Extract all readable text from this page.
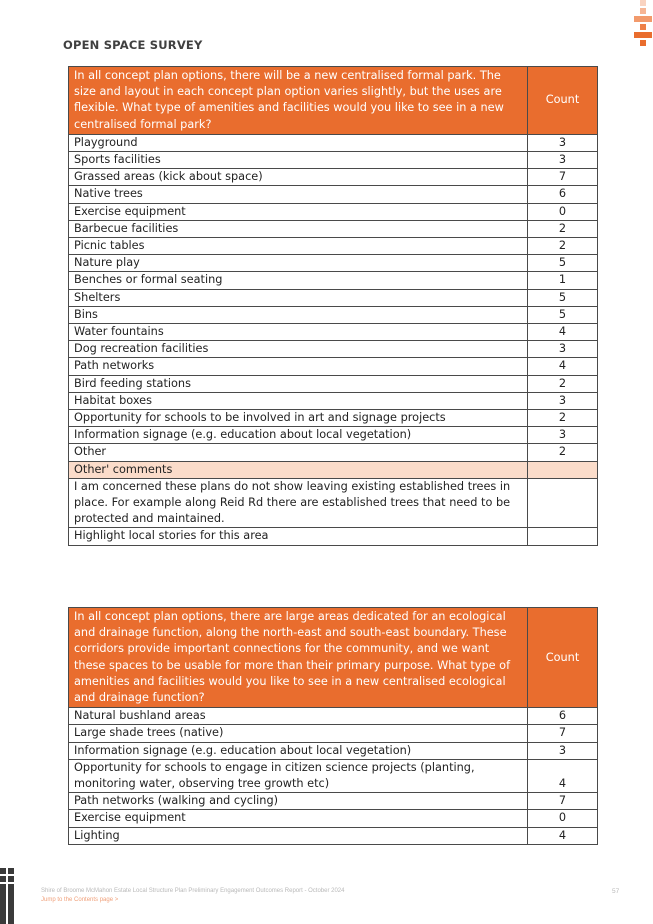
OPEN SPACE SURVEY
In all concept plan options, there will be a new centralised formal park. The size and layout in each concept plan option varies slightly, but the uses are flexible. What type of amenities and facilities would you like to see in a new centralised formal park?	Count
Playground	3
Sports facilities	3
Grassed areas (kick about space)	7
Native trees	6
Exercise equipment	0
Barbecue facilities	2
Picnic tables	2
Nature play	5
Benches or formal seating	1
Shelters	5
Bins	5
Water fountains	4
Dog recreation facilities	3
Path networks	4
Bird feeding stations	2
Habitat boxes	3
Opportunity for schools to be involved in art and signage projects	2
Information signage (e.g. education about local vegetation)	3
Other	2
Other' comments	
I am concerned these plans do not show leaving existing established trees in place. For example along Reid Rd there are established trees that need to be protected and maintained.	
Highlight local stories for this area	
In all concept plan options, there are large areas dedicated for an ecological and drainage function, along the north-east and south-east boundary. These corridors provide important connections for the community, and we want these spaces to be usable for more than their primary purpose. What type of amenities and facilities would you like to see in a new centralised ecological and drainage function?	Count
Natural bushland areas	6
Large shade trees (native)	7
Information signage (e.g. education about local vegetation)	3
Opportunity for schools to engage in citizen science projects (planting, monitoring water, observing tree growth etc)	4
Path networks (walking and cycling)	7
Exercise equipment	0
Lighting	4
Shire of Broome McMahon Estate Local Structure Plan Preliminary Engagement Outcomes Report - October 2024
Jump to the Contents page >
57
